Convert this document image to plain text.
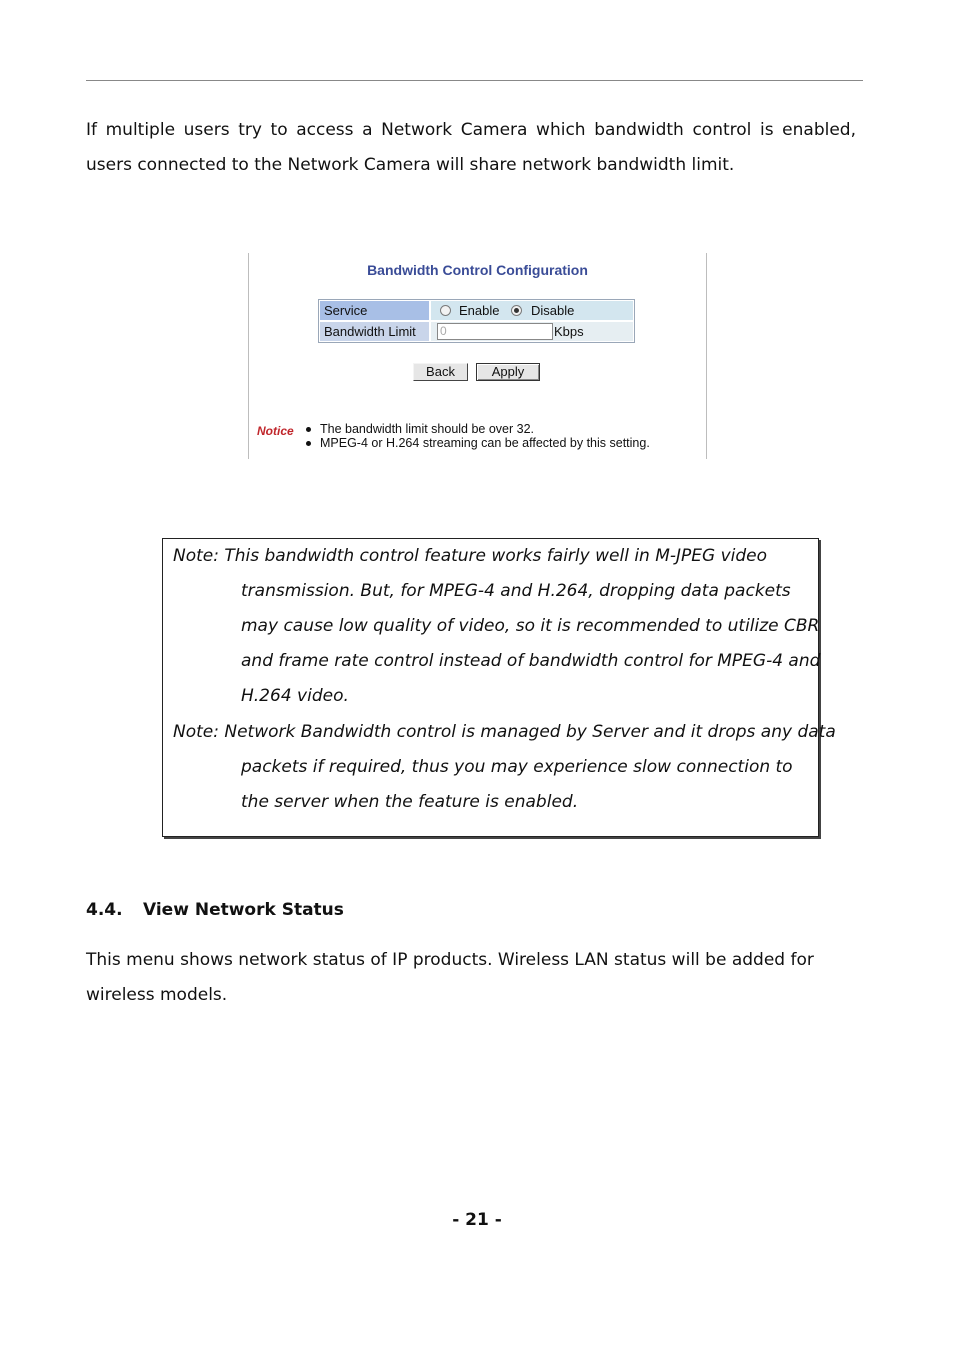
If multiple users try to access a Network Camera which bandwidth control is enabled, users connected to the Network Camera will share network bandwidth limit.

Bandwidth Control Configuration
Service	Enable Disable
Bandwidth Limit	0	Kbps
Back	Apply
Notice	The bandwidth limit should be over 32.
MPEG-4 or H.264 streaming can be affected by this setting.
Note: This bandwidth control feature works fairly well in M-JPEG video
transmission. But, for MPEG-4 and H.264, dropping data packets may cause low quality of video, so it is recommended to utilize CBR and frame rate control instead of bandwidth control for MPEG-4 and H.264 video.
Note: Network Bandwidth control is managed by Server and it drops any data
packets if required, thus you may experience slow connection to the server when the feature is enabled.
4.4. View Network Status

This menu shows network status of IP products. Wireless LAN status will be added for wireless models.

- 21 -
